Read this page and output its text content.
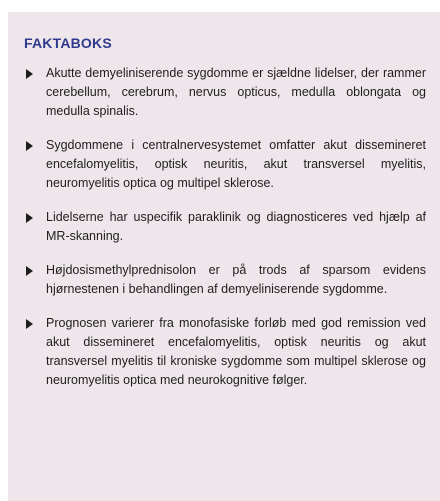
FAKTABOKS
Akutte demyeliniserende sygdomme er sjældne lidelser, der rammer cerebellum, cerebrum, nervus opticus, medulla oblongata og medulla spinalis.
Sygdommene i centralnervesystemet omfatter akut dissemineret encefalomyelitis, optisk neuritis, akut transversel myelitis, neuromyelitis optica og multipel sklerose.
Lidelserne har uspecifik paraklinik og diagnosticeres ved hjælp af MR-skanning.
Højdosismethylprednisolon er på trods af sparsom evidens hjørnestenen i behandlingen af demyeliniserende sygdomme.
Prognosen varierer fra monofasiske forløb med god remission ved akut dissemineret encefalomyelitis, optisk neuritis og akut transversel myelitis til kroniske sygdomme som multipel sklerose og neuromyelitis optica med neurokognitive følger.
